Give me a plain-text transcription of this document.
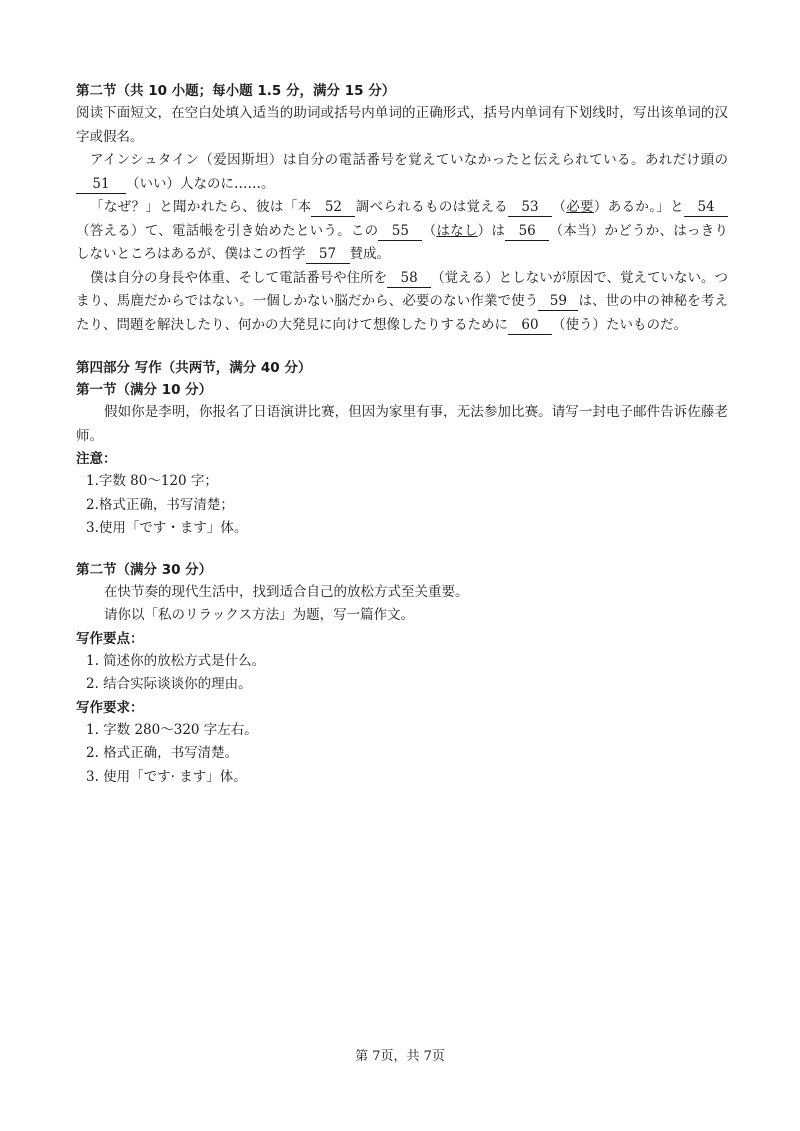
第二节（共 10 小题；每小题 1.5 分，满分 15 分）

阅读下面短文，在空白处填入适当的助词或括号内单词的正确形式，括号内单词有下划线时，写出该单词的汉字或假名。

アインシュタイン（爱因斯坦）は自分の電話番号を覚えていなかったと伝えられている。あれだけ頭の51 （いい）人なのに……。

「なぜ？」と聞かれたら、彼は「本 52 調べられるものは覚える 53 （必要）あるか。」と 54（答える）て、電話帳を引き始めたという。この 55 （はなし）は 56 （本当）かどうか、はっきりしないところはあるが、僕はこの哲学 57 賛成。

僕は自分の身長や体重、そして電話番号や住所を 58 （覚える）としないが原因で、覚えていない。つまり、馬鹿だからではない。一個しかない脳だから、必要のない作業で使う 59 は、世の中の神秘を考えたり、問題を解決したり、何かの大発見に向けて想像したりするために 60 （使う）たいものだ。

第四部分 写作（共两节，满分 40 分）

第一节（满分 10 分）

假如你是李明，你报名了日语演讲比赛，但因为家里有事，无法参加比赛。请写一封电子邮件告诉佐藤老师。

注意：

1.字数 80～120 字；

2.格式正确，书写清楚；

3.使用「です・ます」体。

第二节（满分 30 分）

在快节奏的现代生活中，找到适合自己的放松方式至关重要。

请你以「私のリラックス方法」为题，写一篇作文。

写作要点：

1. 简述你的放松方式是什么。

2. 结合实际谈谈你的理由。

写作要求：

1. 字数 280～320 字左右。

2. 格式正确，书写清楚。

3. 使用「です· ます」体。

第 7页，共 7页
